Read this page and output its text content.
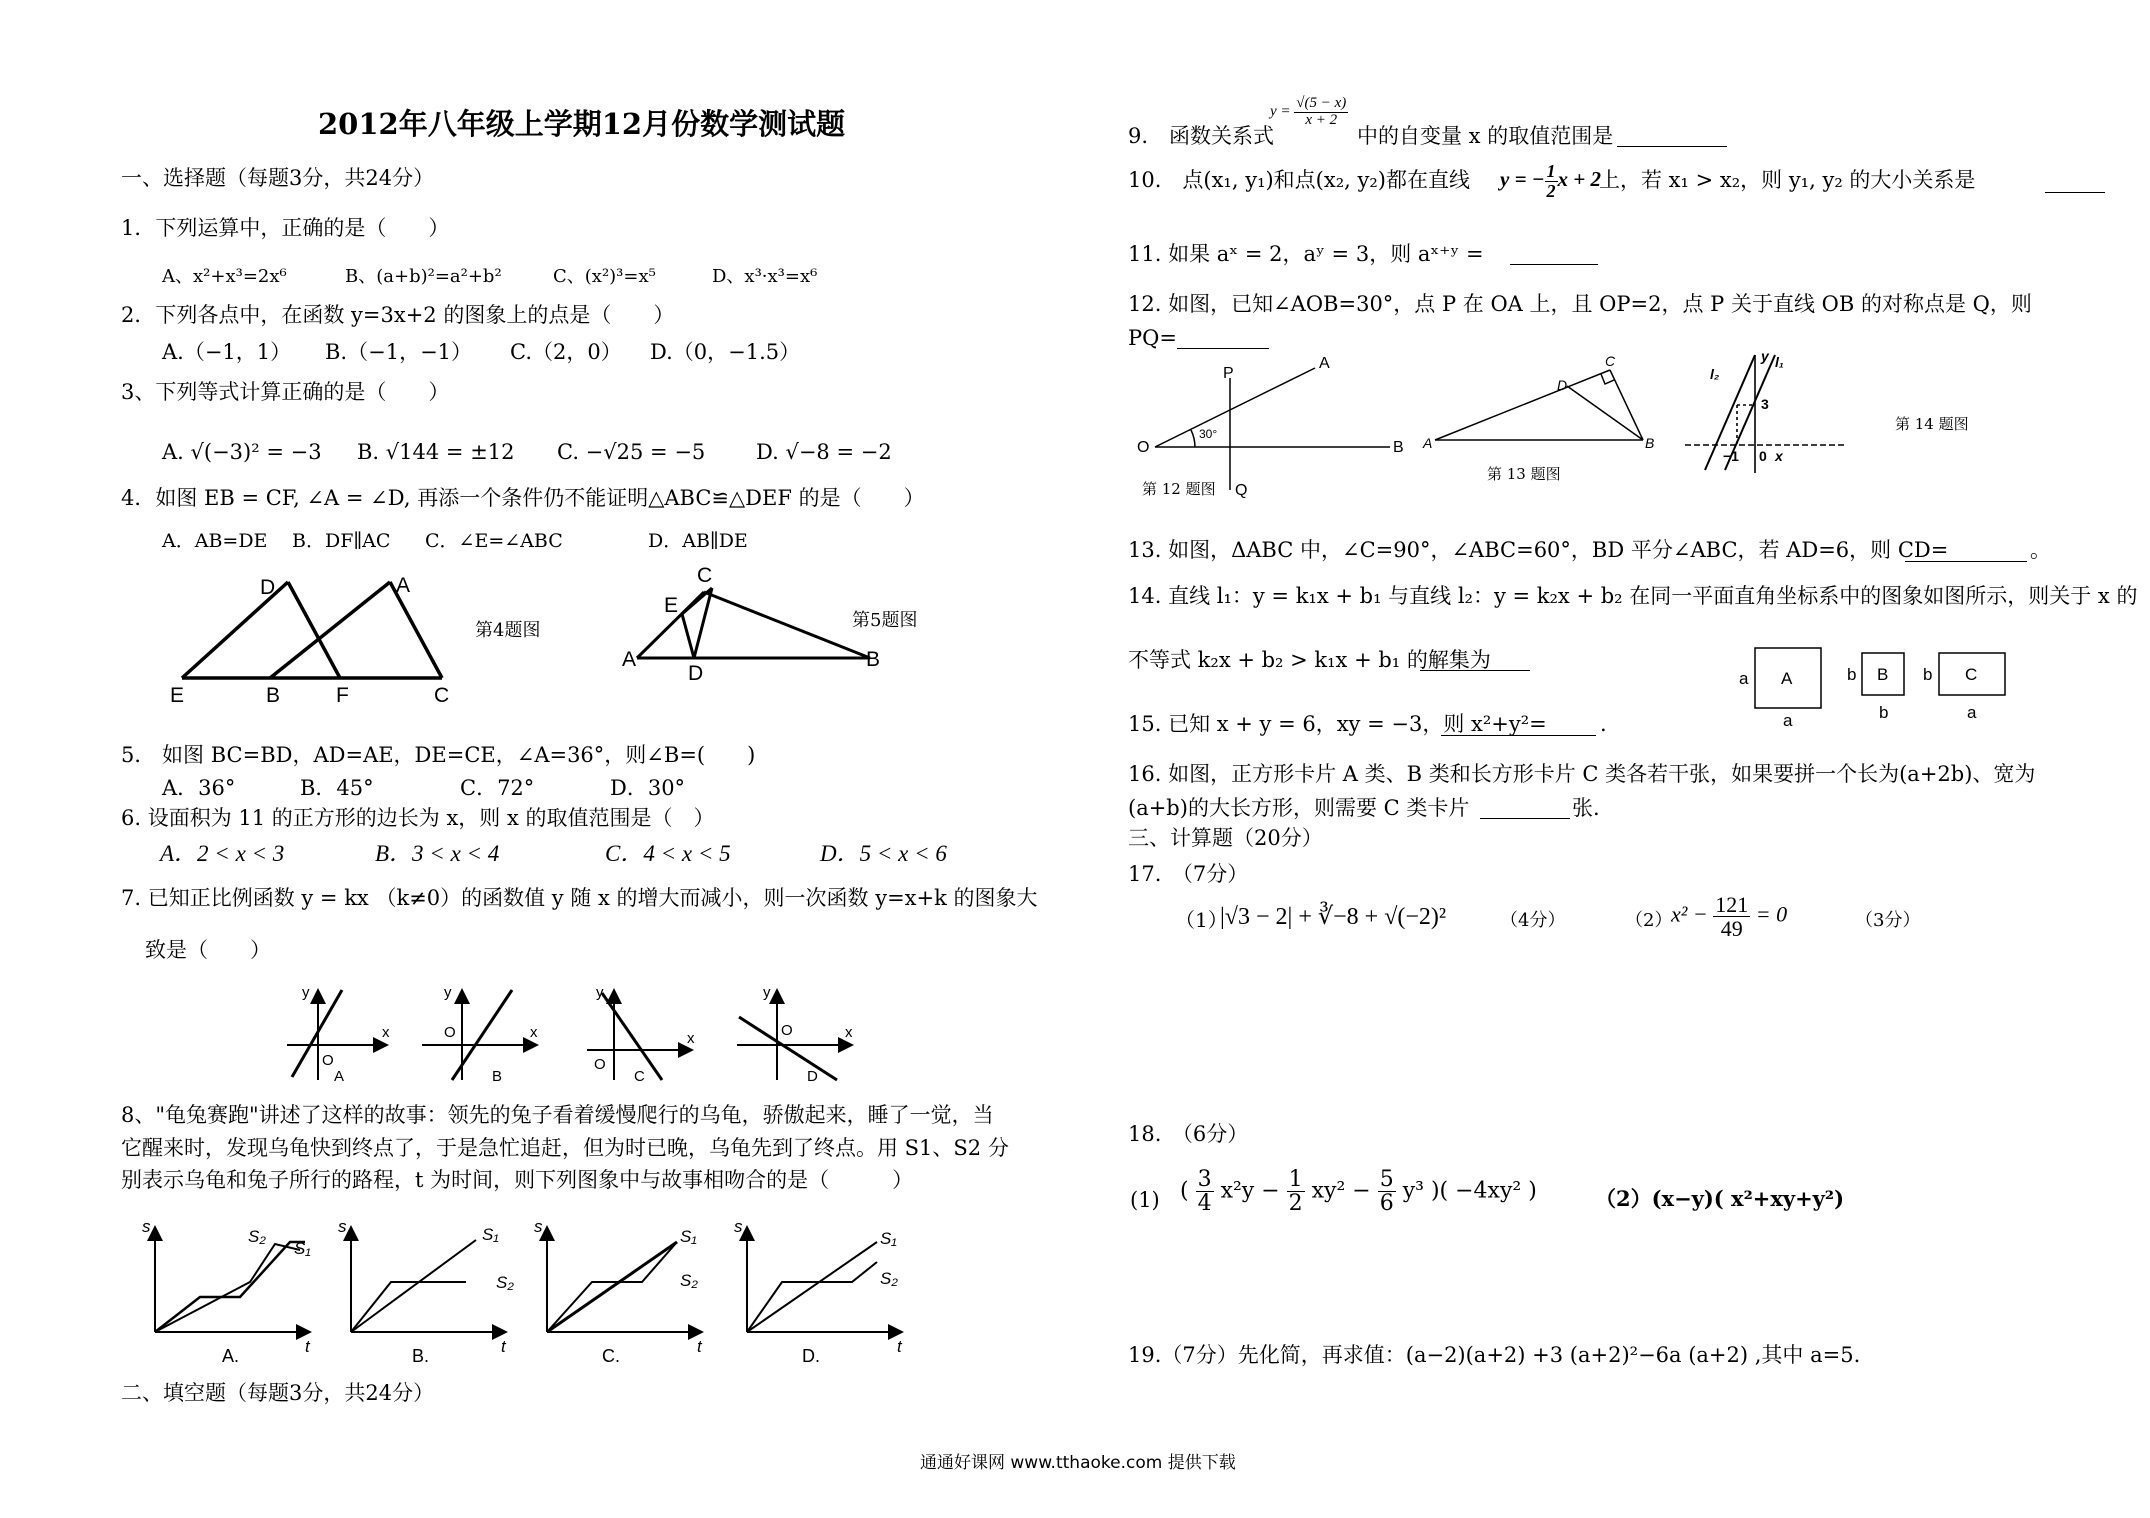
2012年八年级上学期12月份数学测试题
一、选择题（每题3分，共24分）
1．下列运算中，正确的是（　　）
A、x²+x³=2x⁶	B、(a+b)²=a²+b²	C、(x²)³=x⁵	D、x³·x³=x⁶
2．下列各点中，在函数 y=3x+2 的图象上的点是（　　）
A.（−1，1） B.（−1，−1） C.（2，0） D.（0，−1.5）
3、下列等式计算正确的是（　　）
A. √(−3)² = −3 B. √144 = ±12 C. −√25 = −5 D. √−8 = −2
4．如图 EB = CF, ∠A = ∠D, 再添一个条件仍不能证明△ABC≌△DEF 的是（　　）
A．AB=DE B．DF∥AC C．∠E=∠ABC	D．AB∥DE
D	A
E	B	F	C
第4题图
C
E
A
D
B
第5题图
5． 如图 BC=BD，AD=AE，DE=CE，∠A=36°，则∠B=(　　)
A．36°	B．45°	C．72°	D．30°
6. 设面积为 11 的正方形的边长为 x，则 x 的取值范围是（　）
A．2 < x < 3	B．3 < x < 4	C．4 < x < 5	D．5 < x < 6
7. 已知正比例函数 y = kx （k≠0）的函数值 y 随 x 的增大而减小，则一次函数 y=x+k 的图象大
致是（　　）
y
x
O
A
y
x
O
B
y
x
O
C
y
x
O
D
8、"龟兔赛跑"讲述了这样的故事：领先的兔子看着缓慢爬行的乌龟，骄傲起来，睡了一觉，当
它醒来时，发现乌龟快到终点了，于是急忙追赶，但为时已晚，乌龟先到了终点。用 S1、S2 分
别表示乌龟和兔子所行的路程，t 为时间，则下列图象中与故事相吻合的是（　　　）
s
t
S₂
S₁
s
t
S₁
S₂
s
t
S₁
S₂
s
t
S₁
S₂
A.	B.	C.	D.
二、填空题（每题3分，共24分）
9.　函数关系式
$y = \frac{√(5 - x)}{x + 2}$
中的自变量 x 的取值范围是
10.　点(x₁, y₁)和点(x₂, y₂)都在直线 y = − $\frac{1}{2}$ x + 2
上，若 x₁ > x₂，则 y₁, y₂ 的大小关系是
11. 如果 aˣ = 2，aʸ = 3，则 aˣ⁺ʸ =
12. 如图，已知∠AOB=30°，点 P 在 OA 上，且 OP=2，点 P 关于直线 OB 的对称点是 Q，则
PQ=
O
P
A
B
Q
30°
第 12 题图
C
D
A	B
第 13 题图
l₂
l₁
3
−1 0 x
y
第 14 题图
13. 如图，ΔABC 中，∠C=90°，∠ABC=60°，BD 平分∠ABC，若 AD=6，则 CD=	。
14. 直线 l₁：y = k₁x + b₁ 与直线 l₂：y = k₂x + b₂ 在同一平面直角坐标系中的图象如图所示，则关于 x 的
不等式 k₂x + b₂ > k₁x + b₁ 的解集为
A	B	C
a
a
b
b
b
a
15. 已知 x + y = 6，xy = −3，则 x²+y²=	.
16. 如图，正方形卡片 A 类、B 类和长方形卡片 C 类各若干张，如果要拼一个长为(a+2b)、宽为
(a+b)的大长方形，则需要 C 类卡片	张.
三、计算题（20分）
17.　（7分）
（1）
|√3 − 2| + ∛−8 + √(−2)²	（4分）	（2）
$x^2 - \frac{121}{49} = 0$	（3分）
18.　（6分）
(1) ( $\frac{3}{4} x^2y - \frac{1}{2} xy^2 - \frac{5}{6} y^3$ )( −4xy² )	（2）(x−y)( x²+xy+y²)
19.（7分）先化简，再求值：(a−2)(a+2) +3 (a+2)²−6a (a+2) ,其中 a=5.
通通好课网 www.tthaoke.com 提供下载
